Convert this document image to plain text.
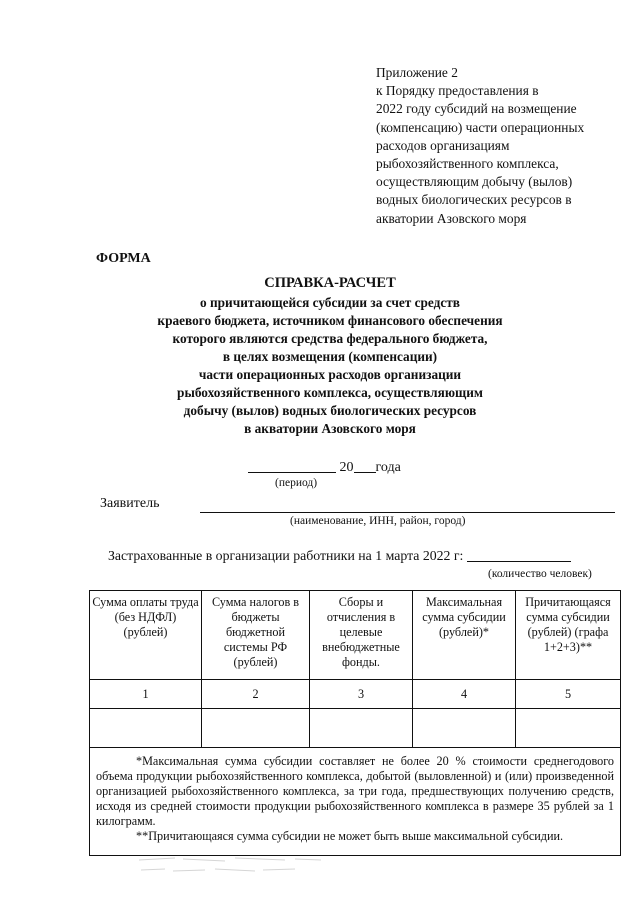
Приложение 2
к Порядку предоставления в
2022 году субсидий на возмещение
(компенсацию) части операционных
расходов организациям
рыбохозяйственного комплекса,
осуществляющим добычу (вылов)
водных биологических ресурсов в
акватории Азовского моря
ФОРМА
СПРАВКА-РАСЧЕТ
о причитающейся субсидии за счет средств
краевого бюджета, источником финансового обеспечения
которого являются средства федерального бюджета,
в целях возмещения (компенсации)
части операционных расходов организации
рыбохозяйственного комплекса, осуществляющим
добычу (вылов) водных биологических ресурсов
в акватории Азовского моря
20 года
(период)
Заявитель
(наименование, ИНН, район, город)
Застрахованные в организации работники на 1 марта 2022 г:
(количество человек)
Сумма оплаты труда (без НДФЛ) (рублей)	Сумма налогов в бюджеты бюджетной системы РФ (рублей)	Сборы и отчисления в целевые внебюджетные фонды.	Максимальная сумма субсидии (рублей)*	Причитающаяся сумма субсидии (рублей) (графа 1+2+3)**
1	2	3	4	5

*Максимальная сумма субсидии составляет не более 20 % стоимости среднегодового объема продукции рыбохозяйственного комплекса, добытой (выловленной) и (или) произведенной организацией рыбохозяйственного комплекса, за три года, предшествующих получению средств, исходя из средней стоимости продукции рыбохозяйственного комплекса в размере 35 рублей за 1 килограмм.

**Причитающаяся сумма субсидии не может быть выше максимальной субсидии.				
